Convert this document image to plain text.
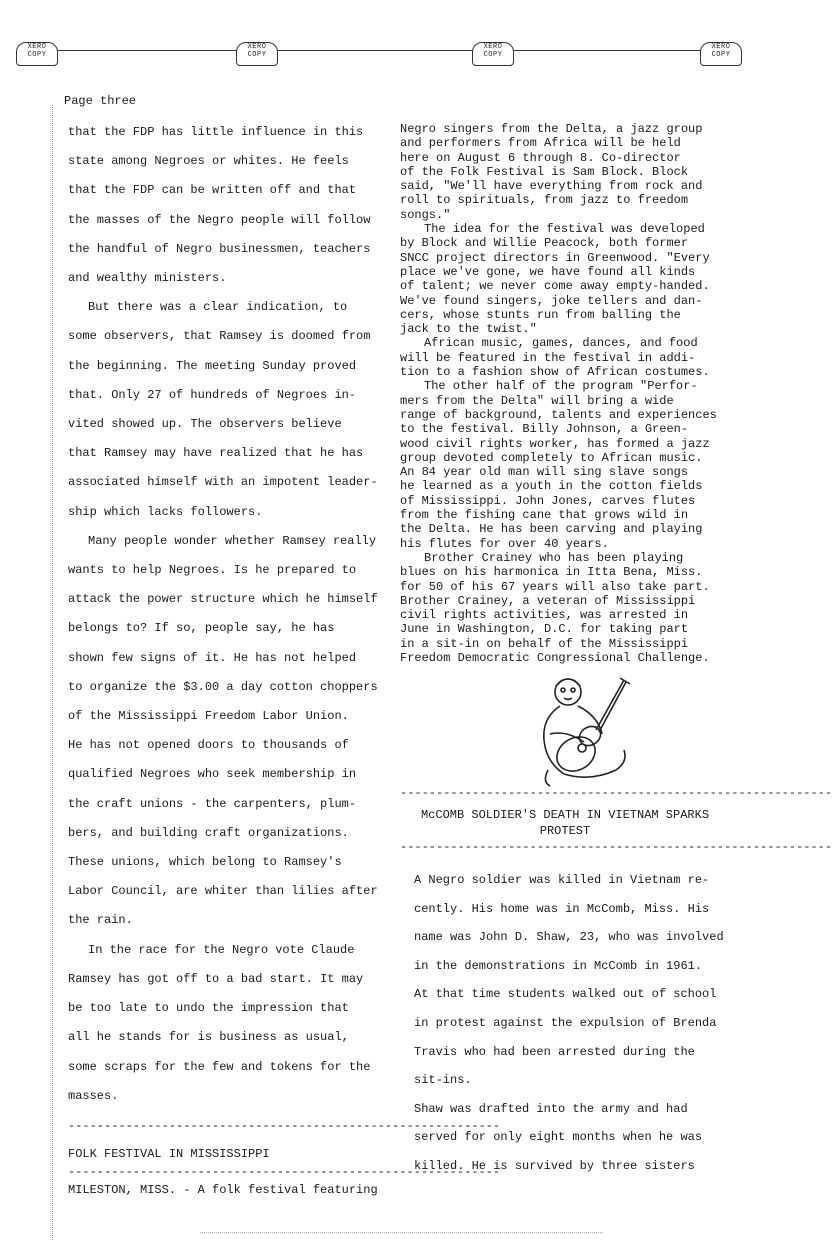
XERO COPY
XERO COPY
XERO COPY
XERO COPY
Page three

that the FDP has little influence in this

state among Negroes or whites. He feels

that the FDP can be written off and that

the masses of the Negro people will follow

the handful of Negro businessmen, teachers

and wealthy ministers.

But there was a clear indication, to

some observers, that Ramsey is doomed from

the beginning. The meeting Sunday proved

that. Only 27 of hundreds of Negroes in-

vited showed up. The observers believe

that Ramsey may have realized that he has

associated himself with an impotent leader-

ship which lacks followers.

Many people wonder whether Ramsey really

wants to help Negroes. Is he prepared to

attack the power structure which he himself

belongs to? If so, people say, he has

shown few signs of it. He has not helped

to organize the $3.00 a day cotton choppers

of the Mississippi Freedom Labor Union.

He has not opened doors to thousands of

qualified Negroes who seek membership in

the craft unions - the carpenters, plum-

bers, and building craft organizations.

These unions, which belong to Ramsey's

Labor Council, are whiter than lilies after

the rain.

In the race for the Negro vote Claude

Ramsey has got off to a bad start. It may

be too late to undo the impression that

all he stands for is business as usual,

some scraps for the few and tokens for the

masses.

------------------------------------------------------------
FOLK FESTIVAL IN MISSISSIPPI
------------------------------------------------------------

MILESTON, MISS. - A folk festival featuring

Negro singers from the Delta, a jazz group

and performers from Africa will be held

here on August 6 through 8. Co-director

of the Folk Festival is Sam Block. Block

said, "We'll have everything from rock and

roll to spirituals, from jazz to freedom

songs."

The idea for the festival was developed

by Block and Willie Peacock, both former

SNCC project directors in Greenwood. "Every

place we've gone, we have found all kinds

of talent; we never come away empty-handed.

We've found singers, joke tellers and dan-

cers, whose stunts run from balling the

jack to the twist."

African music, games, dances, and food

will be featured in the festival in addi-

tion to a fashion show of African costumes.

The other half of the program "Perfor-

mers from the Delta" will bring a wide

range of background, talents and experiences

to the festival. Billy Johnson, a Green-

wood civil rights worker, has formed a jazz

group devoted completely to African music.

An 84 year old man will sing slave songs

he learned as a youth in the cotton fields

of Mississippi. John Jones, carves flutes

from the fishing cane that grows wild in

the Delta. He has been carving and playing

his flutes for over 40 years.

Brother Crainey who has been playing

blues on his harmonica in Itta Bena, Miss.

for 50 of his 67 years will also take part.

Brother Crainey, a veteran of Mississippi

civil rights activities, was arrested in

June in Washington, D.C. for taking part

in a sit-in on behalf of the Mississippi

Freedom Democratic Congressional Challenge.

------------------------------------------------------------
McCOMB SOLDIER'S DEATH IN VIETNAM SPARKS
PROTEST
------------------------------------------------------------

A Negro soldier was killed in Vietnam re-

cently. His home was in McComb, Miss. His

name was John D. Shaw, 23, who was involved

in the demonstrations in McComb in 1961.

At that time students walked out of school

in protest against the expulsion of Brenda

Travis who had been arrested during the

sit-ins.

Shaw was drafted into the army and had

served for only eight months when he was

killed. He is survived by three sisters
